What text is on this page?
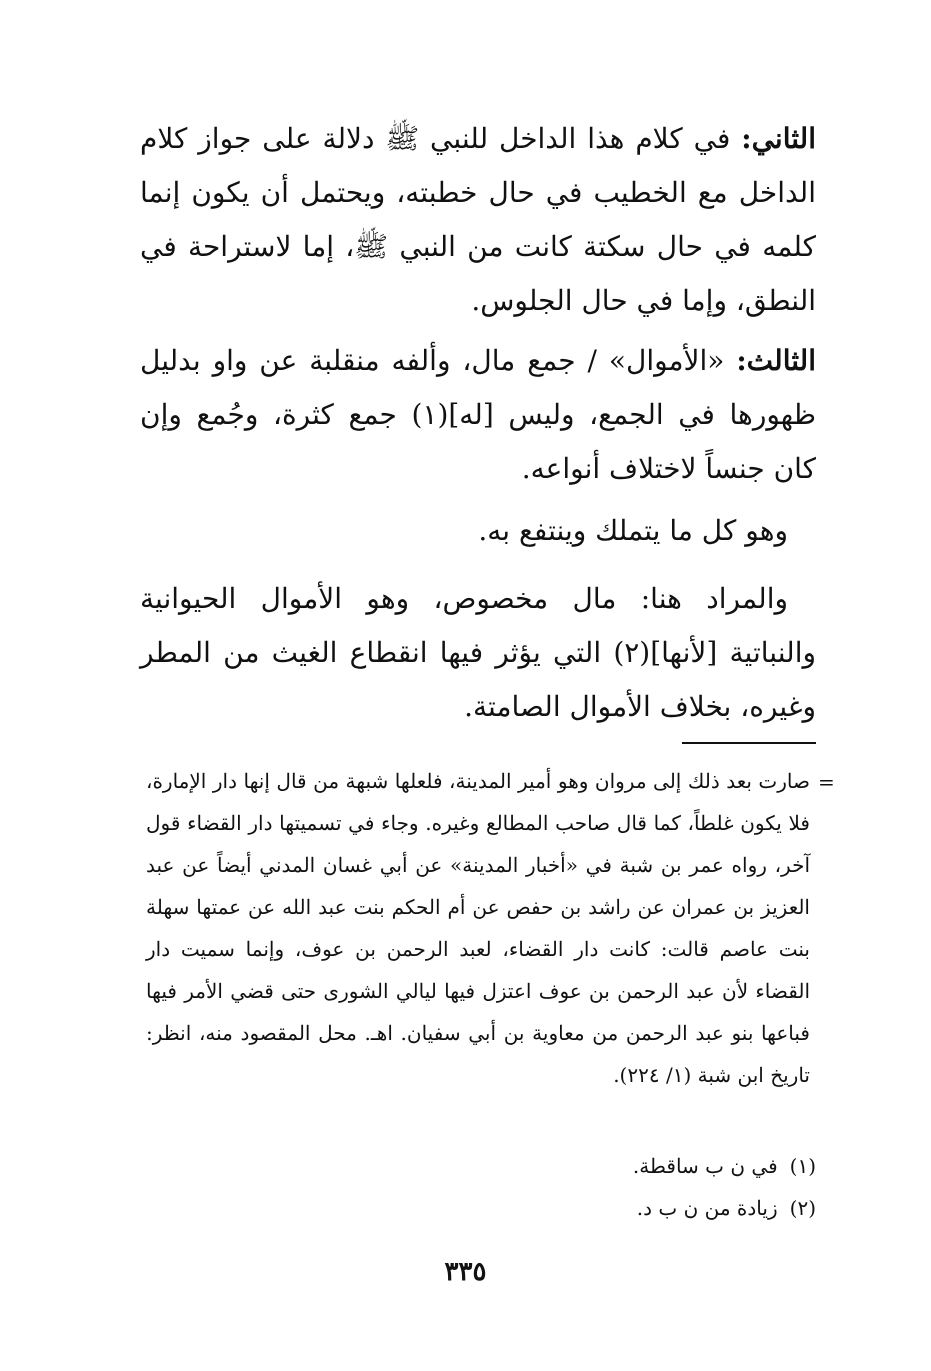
الثاني: في كلام هذا الداخل للنبي ﷺ دلالة على جواز كلام الداخل مع الخطيب في حال خطبته، ويحتمل أن يكون إنما كلمه في حال سكتة كانت من النبي ﷺ، إما لاستراحة في النطق، وإما في حال الجلوس.

الثالث: «الأموال» / جمع مال، وألفه منقلبة عن واو بدليل ظهورها في الجمع، وليس [له](١) جمع كثرة، وجُمع وإن كان جنساً لاختلاف أنواعه.

وهو كل ما يتملك وينتفع به.

والمراد هنا: مال مخصوص، وهو الأموال الحيوانية والنباتية [لأنها](٢) التي يؤثر فيها انقطاع الغيث من المطر وغيره، بخلاف الأموال الصامتة.

=

صارت بعد ذلك إلى مروان وهو أمير المدينة، فلعلها شبهة من قال إنها دار الإمارة، فلا يكون غلطاً، كما قال صاحب المطالع وغيره. وجاء في تسميتها دار القضاء قول آخر، رواه عمر بن شبة في «أخبار المدينة» عن أبي غسان المدني أيضاً عن عبد العزيز بن عمران عن راشد بن حفص عن أم الحكم بنت عبد الله عن عمتها سهلة بنت عاصم قالت: كانت دار القضاء، لعبد الرحمن بن عوف، وإنما سميت دار القضاء لأن عبد الرحمن بن عوف اعتزل فيها ليالي الشورى حتى قضي الأمر فيها فباعها بنو عبد الرحمن من معاوية بن أبي سفيان. اهـ. محل المقصود منه، انظر: تاريخ ابن شبة (١/ ٢٢٤).

(١)في ن ب ساقطة.

(٢)زيادة من ن ب د.

٣٣٥
